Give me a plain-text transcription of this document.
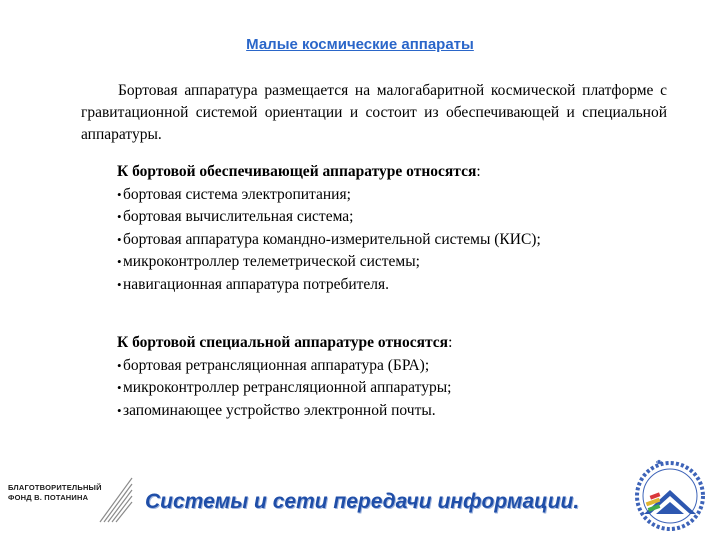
Малые космические аппараты
Бортовая аппаратура размещается на малогабаритной космической платформе с гравитационной системой ориентации и состоит из обеспечивающей и специальной аппаратуры.
К бортовой обеспечивающей аппаратуре относятся:
• бортовая система электропитания;
• бортовая вычислительная система;
• бортовая аппаратура командно-измерительной системы (КИС);
• микроконтроллер телеметрической системы;
• навигационная аппаратура потребителя.
К бортовой специальной аппаратуре относятся:
• бортовая ретрансляционная аппаратура (БРА);
• микроконтроллер ретрансляционной аппаратуры;
• запоминающее устройство электронной почты.
БЛАГОТВОРИТЕЛЬНЫЙ
ФОНД В. ПОТАНИНА	Системы и сети передачи информации.
